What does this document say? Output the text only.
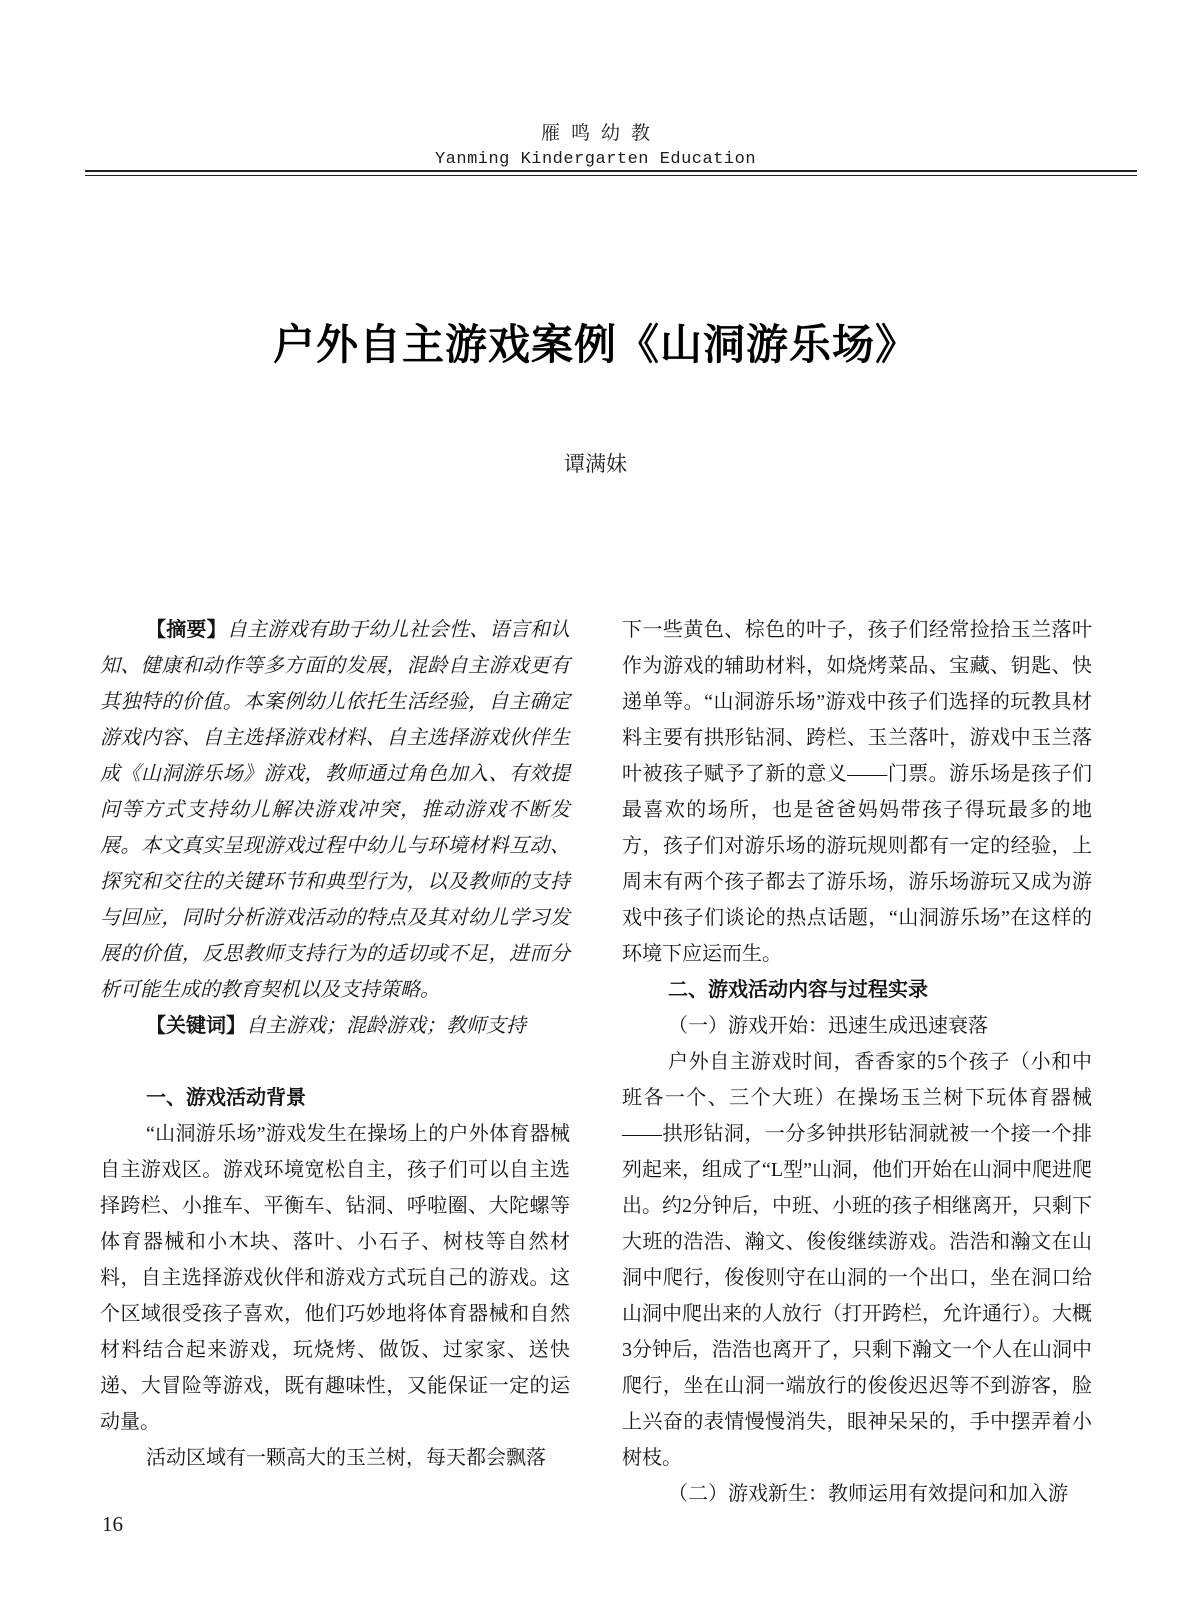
雁鸣幼教
Yanming Kindergarten Education
户外自主游戏案例《山洞游乐场》
谭满妹

【摘要】自主游戏有助于幼儿社会性、语言和认知、健康和动作等多方面的发展，混龄自主游戏更有其独特的价值。本案例幼儿依托生活经验，自主确定游戏内容、自主选择游戏材料、自主选择游戏伙伴生成《山洞游乐场》游戏，教师通过角色加入、有效提问等方式支持幼儿解决游戏冲突，推动游戏不断发展。本文真实呈现游戏过程中幼儿与环境材料互动、探究和交往的关键环节和典型行为，以及教师的支持与回应，同时分析游戏活动的特点及其对幼儿学习发展的价值，反思教师支持行为的适切或不足，进而分析可能生成的教育契机以及支持策略。

【关键词】自主游戏；混龄游戏；教师支持

一、游戏活动背景

“山洞游乐场”游戏发生在操场上的户外体育器械自主游戏区。游戏环境宽松自主，孩子们可以自主选择跨栏、小推车、平衡车、钻洞、呼啦圈、大陀螺等体育器械和小木块、落叶、小石子、树枝等自然材料，自主选择游戏伙伴和游戏方式玩自己的游戏。这个区域很受孩子喜欢，他们巧妙地将体育器械和自然材料结合起来游戏，玩烧烤、做饭、过家家、送快递、大冒险等游戏，既有趣味性，又能保证一定的运动量。

活动区域有一颗高大的玉兰树，每天都会飘落

下一些黄色、棕色的叶子，孩子们经常捡拾玉兰落叶作为游戏的辅助材料，如烧烤菜品、宝藏、钥匙、快递单等。“山洞游乐场”游戏中孩子们选择的玩教具材料主要有拱形钻洞、跨栏、玉兰落叶，游戏中玉兰落叶被孩子赋予了新的意义——门票。游乐场是孩子们最喜欢的场所，也是爸爸妈妈带孩子得玩最多的地方，孩子们对游乐场的游玩规则都有一定的经验，上周末有两个孩子都去了游乐场，游乐场游玩又成为游戏中孩子们谈论的热点话题，“山洞游乐场”在这样的环境下应运而生。

二、游戏活动内容与过程实录

（一）游戏开始：迅速生成迅速衰落

户外自主游戏时间，香香家的5个孩子（小和中班各一个、三个大班）在操场玉兰树下玩体育器械——拱形钻洞，一分多钟拱形钻洞就被一个接一个排列起来，组成了“L型”山洞，他们开始在山洞中爬进爬出。约2分钟后，中班、小班的孩子相继离开，只剩下大班的浩浩、瀚文、俊俊继续游戏。浩浩和瀚文在山洞中爬行，俊俊则守在山洞的一个出口，坐在洞口给山洞中爬出来的人放行（打开跨栏，允许通行）。大概3分钟后，浩浩也离开了，只剩下瀚文一个人在山洞中爬行，坐在山洞一端放行的俊俊迟迟等不到游客，脸上兴奋的表情慢慢消失，眼神呆呆的，手中摆弄着小树枝。

（二）游戏新生：教师运用有效提问和加入游

16
